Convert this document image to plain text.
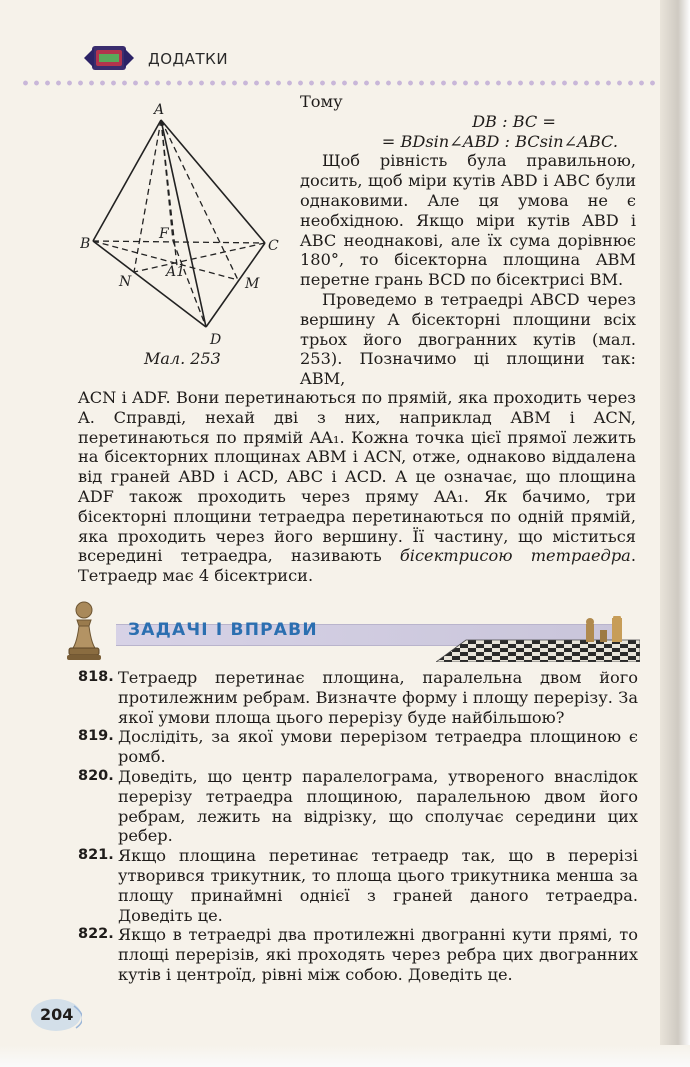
ДОДАТКИ
A
B	C
D
F
A1
N	M
Мал. 253

Тому

DB : BC =

= BDsin∠ABD : BCsin∠ABC.

Щоб рівність була правильною, досить, щоб міри кутів ABD і ABC були однаковими. Але ця умова не є необхідною. Якщо міри кутів ABD і ABC неоднакові, але їх сума дорівнює 180°, то бісекторна площина ABM перетне грань BCD по бісектрисі BM.

Проведемо в тетраедрі ABCD через вершину A бісекторні площини всіх трьох його двогранних кутів (мал. 253). Позначимо ці площини так: ABM,

ACN і ADF. Вони перетинаються по прямій, яка проходить через A. Справді, нехай дві з них, наприклад ABM і ACN, перетинаються по прямій AA₁. Кожна точка цієї прямої лежить на бісекторних площинах ABM і ACN, отже, однаково віддалена від граней ABD і ACD, ABC і ACD. А це означає, що площина ADF також проходить через пряму AA₁. Як бачимо, три бісекторні площини тетраедра перетинаються по одній прямій, яка проходить через його вершину. Її частину, що міститься всередині тетраедра, називають бісектрисою тетраедра. Тетраедр має 4 бісектриси.

ЗАДАЧІ І ВПРАВИ

818. Тетраедр перетинає площина, паралельна двом його протилежним ребрам. Визначте форму і площу перерізу. За якої умови площа цього перерізу буде найбільшою?

819. Дослідіть, за якої умови перерізом тетраедра площиною є ромб.

820. Доведіть, що центр паралелограма, утвореного внаслідок перерізу тетраедра площиною, паралельною двом його ребрам, лежить на відрізку, що сполучає середини цих ребер.

821. Якщо площина перетинає тетраедр так, що в перерізі утворився трикутник, то площа цього трикутника менша за площу принаймні однієї з граней даного тетраедра. Доведіть це.

822. Якщо в тетраедрі два протилежні двогранні кути прямі, то площі перерізів, які проходять через ребра цих двогранних кутів і центроїд, рівні між собою. Доведіть це.

204
